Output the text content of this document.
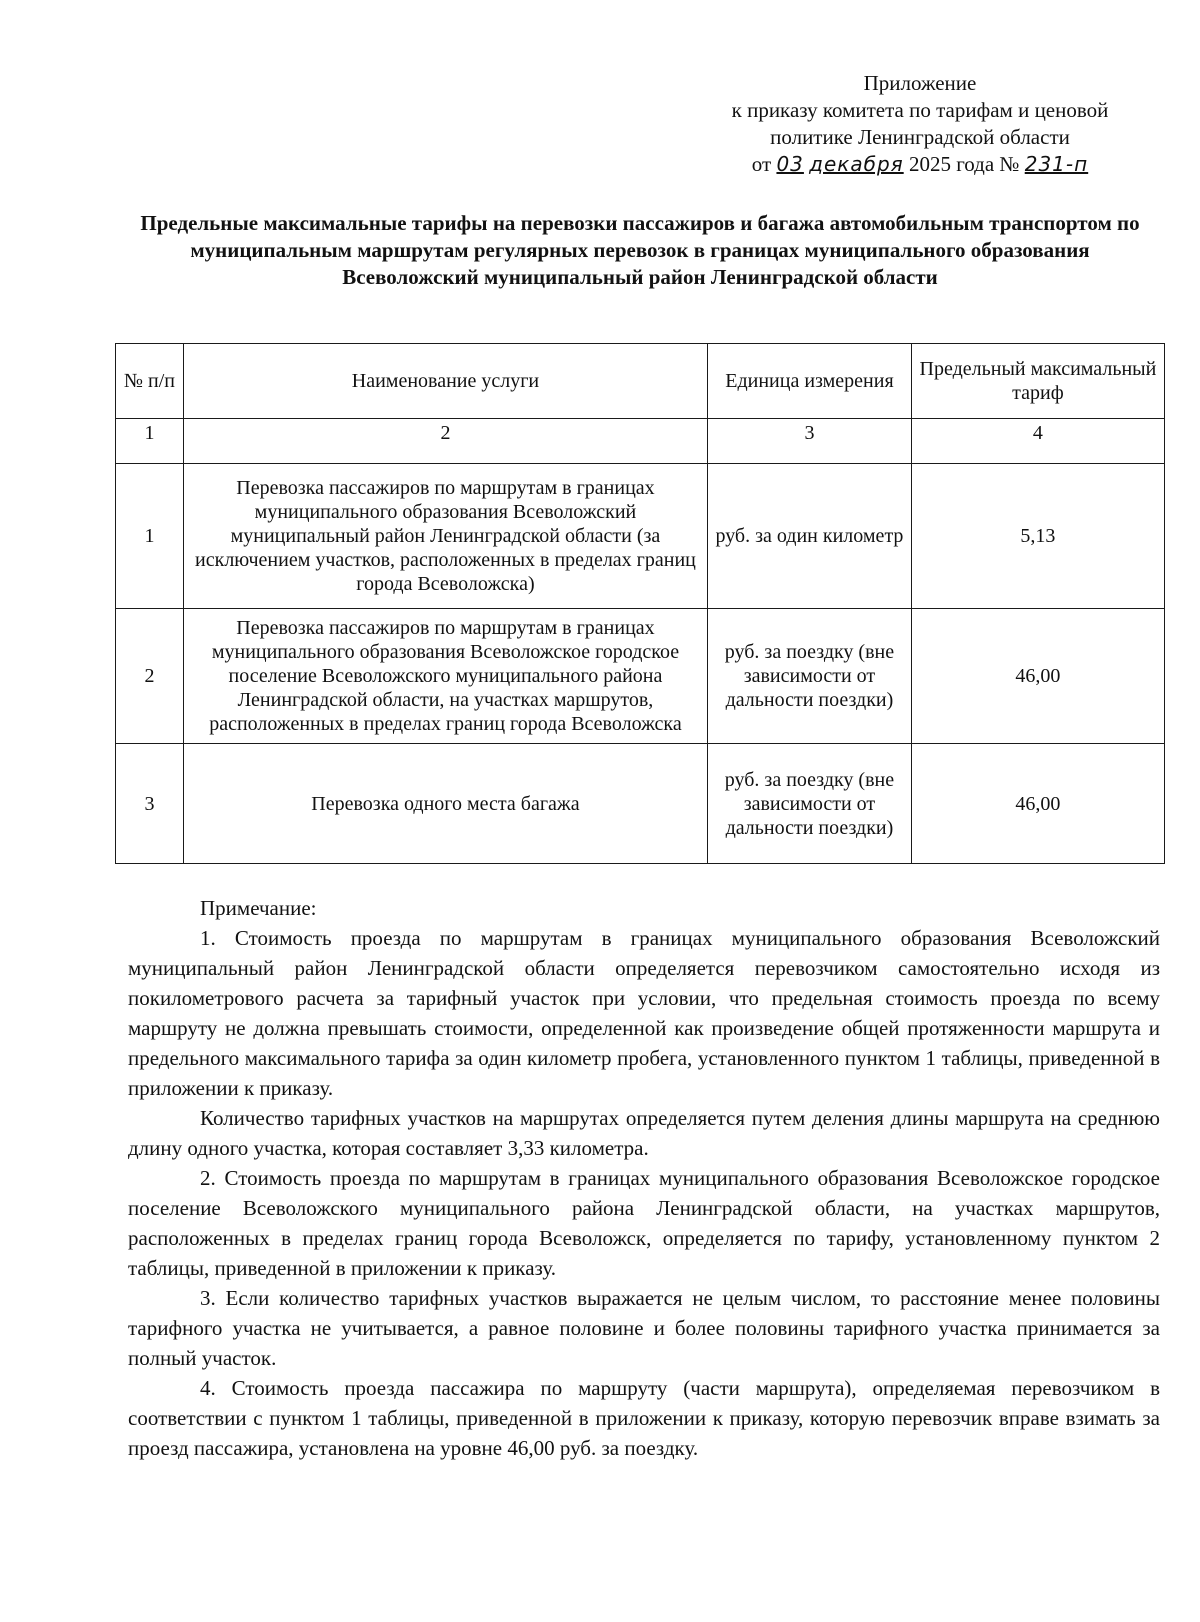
Приложение
к приказу комитета по тарифам и ценовой
политике Ленинградской области
от 03 декабря 2025 года № 231-п
Предельные максимальные тарифы на перевозки пассажиров и багажа автомобильным транспортом по муниципальным маршрутам регулярных перевозок в границах муниципального образования Всеволожский муниципальный район Ленинградской области
№ п/п	Наименование услуги	Единица измерения	Предельный максимальный тариф
1	2	3	4
1	Перевозка пассажиров по маршрутам в границах муниципального образования Всеволожский муниципальный район Ленинградской области (за исключением участков, расположенных в пределах границ города Всеволожска)	руб. за один километр	5,13
2	Перевозка пассажиров по маршрутам в границах муниципального образования Всеволожское городское поселение Всеволожского муниципального района Ленинградской области, на участках маршрутов, расположенных в пределах границ города Всеволожска	руб. за поездку (вне зависимости от дальности поездки)	46,00
3	Перевозка одного места багажа	руб. за поездку (вне зависимости от дальности поездки)	46,00

Примечание:

1. Стоимость проезда по маршрутам в границах муниципального образования Всеволожский муниципальный район Ленинградской области определяется перевозчиком самостоятельно исходя из покилометрового расчета за тарифный участок при условии, что предельная стоимость проезда по всему маршруту не должна превышать стоимости, определенной как произведение общей протяженности маршрута и предельного максимального тарифа за один километр пробега, установленного пунктом 1 таблицы, приведенной в приложении к приказу.

Количество тарифных участков на маршрутах определяется путем деления длины маршрута на среднюю длину одного участка, которая составляет 3,33 километра.

2. Стоимость проезда по маршрутам в границах муниципального образования Всеволожское городское поселение Всеволожского муниципального района Ленинградской области, на участках маршрутов, расположенных в пределах границ города Всеволожск, определяется по тарифу, установленному пунктом 2 таблицы, приведенной в приложении к приказу.

3. Если количество тарифных участков выражается не целым числом, то расстояние менее половины тарифного участка не учитывается, а равное половине и более половины тарифного участка принимается за полный участок.

4. Стоимость проезда пассажира по маршруту (части маршрута), определяемая перевозчиком в соответствии с пунктом 1 таблицы, приведенной в приложении к приказу, которую перевозчик вправе взимать за проезд пассажира, установлена на уровне 46,00 руб. за поездку.
